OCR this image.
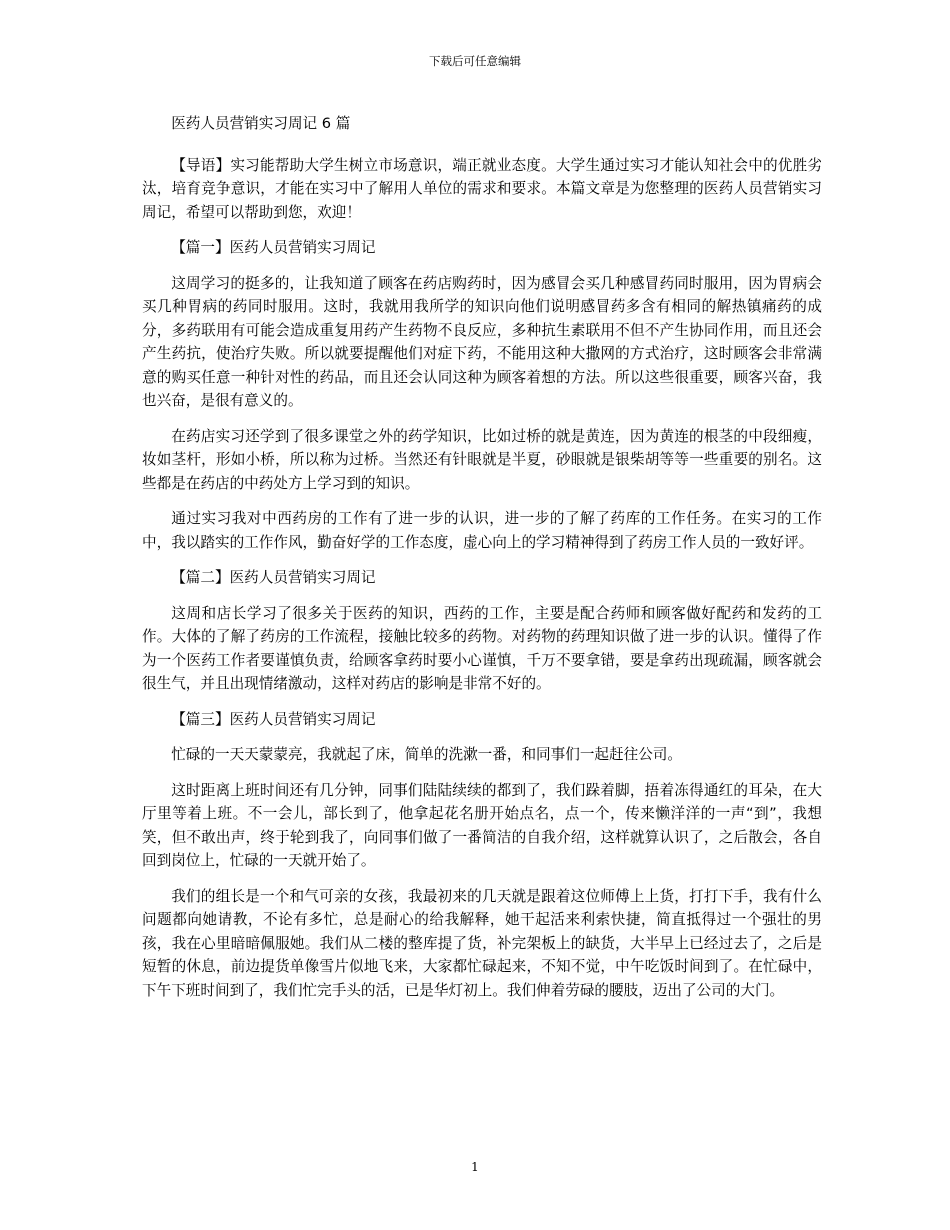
下载后可任意编辑
医药人员营销实习周记 6 篇

【导语】实习能帮助大学生树立市场意识，端正就业态度。大学生通过实习才能认知社会中的优胜劣汰，培育竞争意识，才能在实习中了解用人单位的需求和要求。本篇文章是为您整理的医药人员营销实习周记，希望可以帮助到您，欢迎！

【篇一】医药人员营销实习周记

这周学习的挺多的，让我知道了顾客在药店购药时，因为感冒会买几种感冒药同时服用，因为胃病会买几种胃病的药同时服用。这时，我就用我所学的知识向他们说明感冒药多含有相同的解热镇痛药的成分，多药联用有可能会造成重复用药产生药物不良反应，多种抗生素联用不但不产生协同作用，而且还会产生药抗，使治疗失败。所以就要提醒他们对症下药，不能用这种大撒网的方式治疗，这时顾客会非常满意的购买任意一种针对性的药品，而且还会认同这种为顾客着想的方法。所以这些很重要，顾客兴奋，我也兴奋，是很有意义的。

在药店实习还学到了很多课堂之外的药学知识，比如过桥的就是黄连，因为黄连的根茎的中段细瘦，妆如茎杆，形如小桥，所以称为过桥。当然还有针眼就是半夏，砂眼就是银柴胡等等一些重要的别名。这些都是在药店的中药处方上学习到的知识。

通过实习我对中西药房的工作有了进一步的认识，进一步的了解了药库的工作任务。在实习的工作中，我以踏实的工作作风，勤奋好学的工作态度，虚心向上的学习精神得到了药房工作人员的一致好评。

【篇二】医药人员营销实习周记

这周和店长学习了很多关于医药的知识，西药的工作，主要是配合药师和顾客做好配药和发药的工作。大体的了解了药房的工作流程，接触比较多的药物。对药物的药理知识做了进一步的认识。懂得了作为一个医药工作者要谨慎负责，给顾客拿药时要小心谨慎，千万不要拿错，要是拿药出现疏漏，顾客就会很生气，并且出现情绪激动，这样对药店的影响是非常不好的。

【篇三】医药人员营销实习周记

忙碌的一天天蒙蒙亮，我就起了床，简单的洗漱一番，和同事们一起赶往公司。

这时距离上班时间还有几分钟，同事们陆陆续续的都到了，我们跺着脚，捂着冻得通红的耳朵，在大厅里等着上班。不一会儿，部长到了，他拿起花名册开始点名，点一个，传来懒洋洋的一声“到”，我想笑，但不敢出声，终于轮到我了，向同事们做了一番简洁的自我介绍，这样就算认识了，之后散会，各自回到岗位上，忙碌的一天就开始了。

我们的组长是一个和气可亲的女孩，我最初来的几天就是跟着这位师傅上上货，打打下手，我有什么问题都向她请教，不论有多忙，总是耐心的给我解释，她干起活来利索快捷，简直抵得过一个强壮的男孩，我在心里暗暗佩服她。我们从二楼的整库提了货，补完架板上的缺货，大半早上已经过去了，之后是短暂的休息，前边提货单像雪片似地飞来，大家都忙碌起来，不知不觉，中午吃饭时间到了。在忙碌中，下午下班时间到了，我们忙完手头的活，已是华灯初上。我们伸着劳碌的腰肢，迈出了公司的大门。

1
